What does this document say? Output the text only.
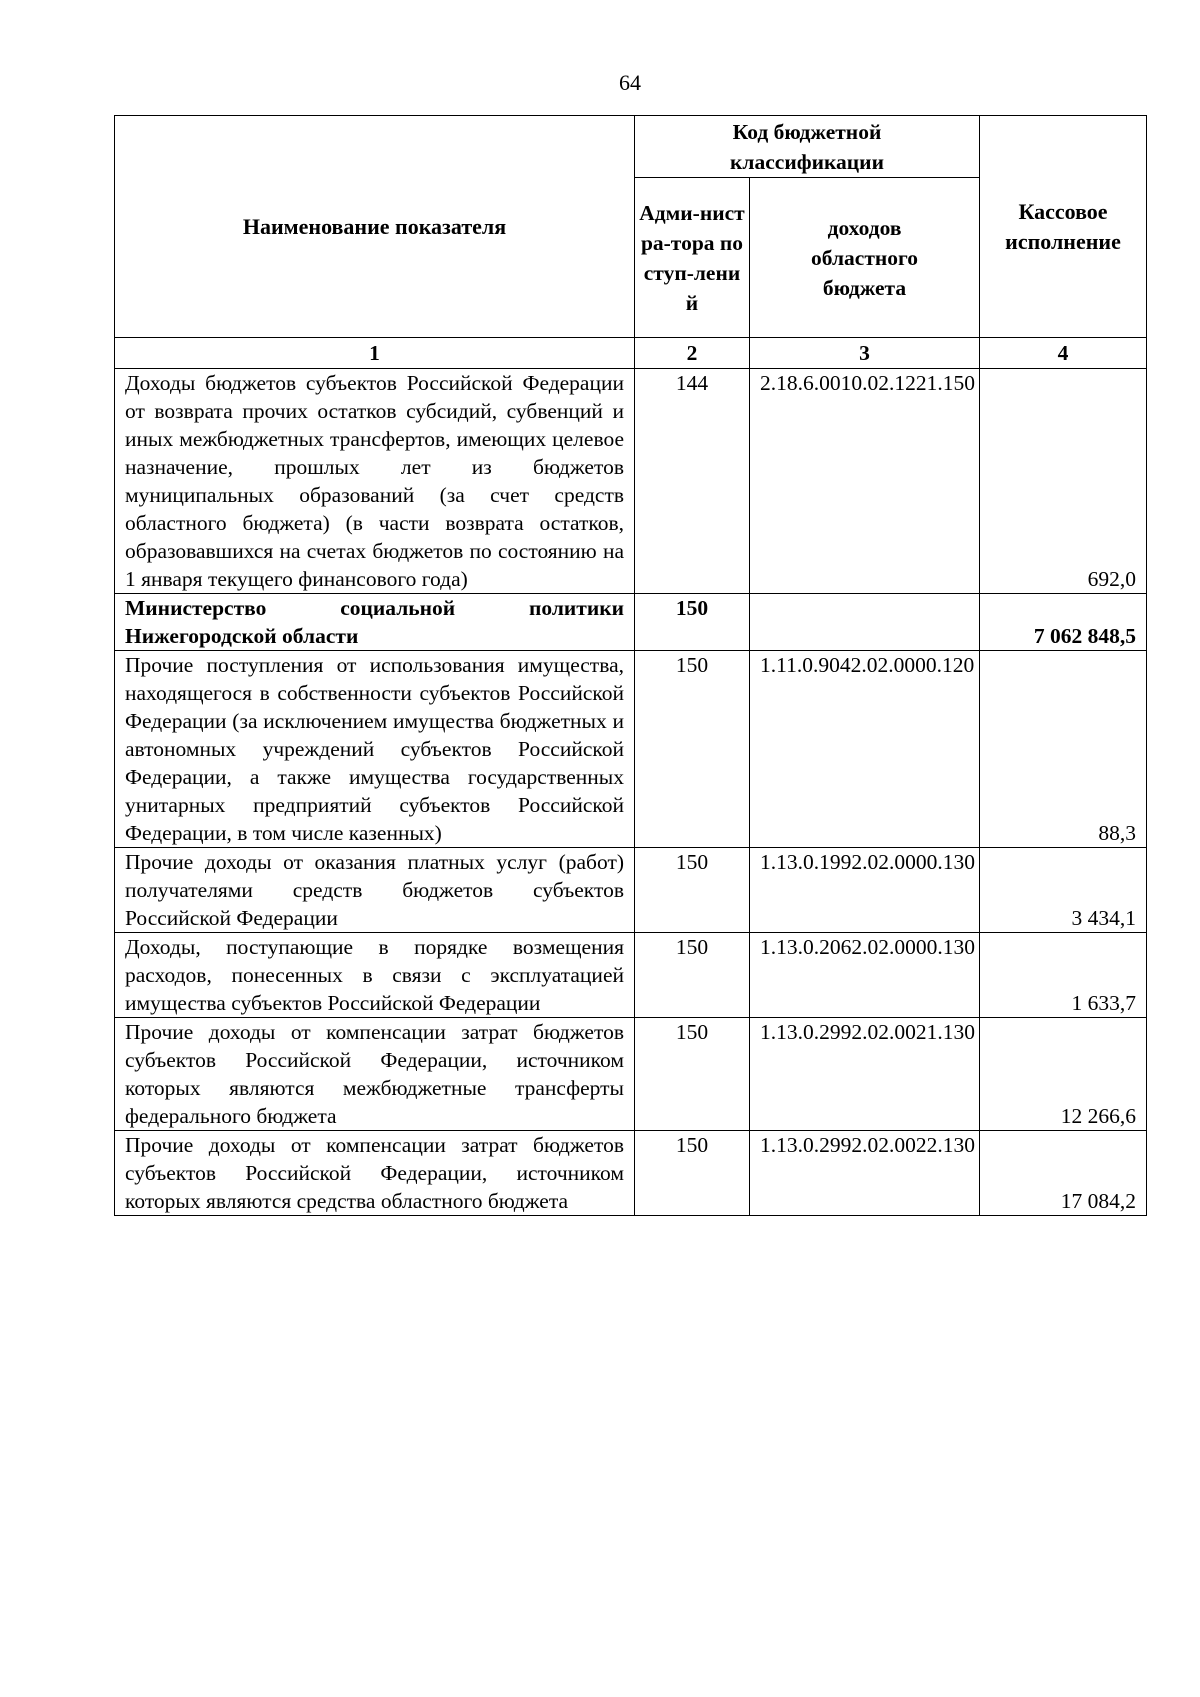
64
Наименование показателя	Код бюджетной классификации		Кассовое исполнение
	Адми-нистра-тора поступ-лений	доходов областного бюджета	
1	2	3	4
Доходы бюджетов субъектов Российской Федерации от возврата прочих остатков субсидий, субвенций и иных межбюджетных трансфертов, имеющих целевое назначение, прошлых лет из бюджетов муниципальных образований (за счет средств областного бюджета) (в части возврата остатков, образовавшихся на счетах бюджетов по состоянию на 1 января текущего финансового года)	144	2.18.6.0010.02.1221.150	692,0
Министерство социальной политики Нижегородской области	150		7 062 848,5
Прочие поступления от использования имущества, находящегося в собственности субъектов Российской Федерации (за исключением имущества бюджетных и автономных учреждений субъектов Российской Федерации, а также имущества государственных унитарных предприятий субъектов Российской Федерации, в том числе казенных)	150	1.11.0.9042.02.0000.120	88,3
Прочие доходы от оказания платных услуг (работ) получателями средств бюджетов субъектов Российской Федерации	150	1.13.0.1992.02.0000.130	3 434,1
Доходы, поступающие в порядке возмещения расходов, понесенных в связи с эксплуатацией имущества субъектов Российской Федерации	150	1.13.0.2062.02.0000.130	1 633,7
Прочие доходы от компенсации затрат бюджетов субъектов Российской Федерации, источником которых являются межбюджетные трансферты федерального бюджета	150	1.13.0.2992.02.0021.130	12 266,6
Прочие доходы от компенсации затрат бюджетов субъектов Российской Федерации, источником которых являются средства областного бюджета	150	1.13.0.2992.02.0022.130	17 084,2
